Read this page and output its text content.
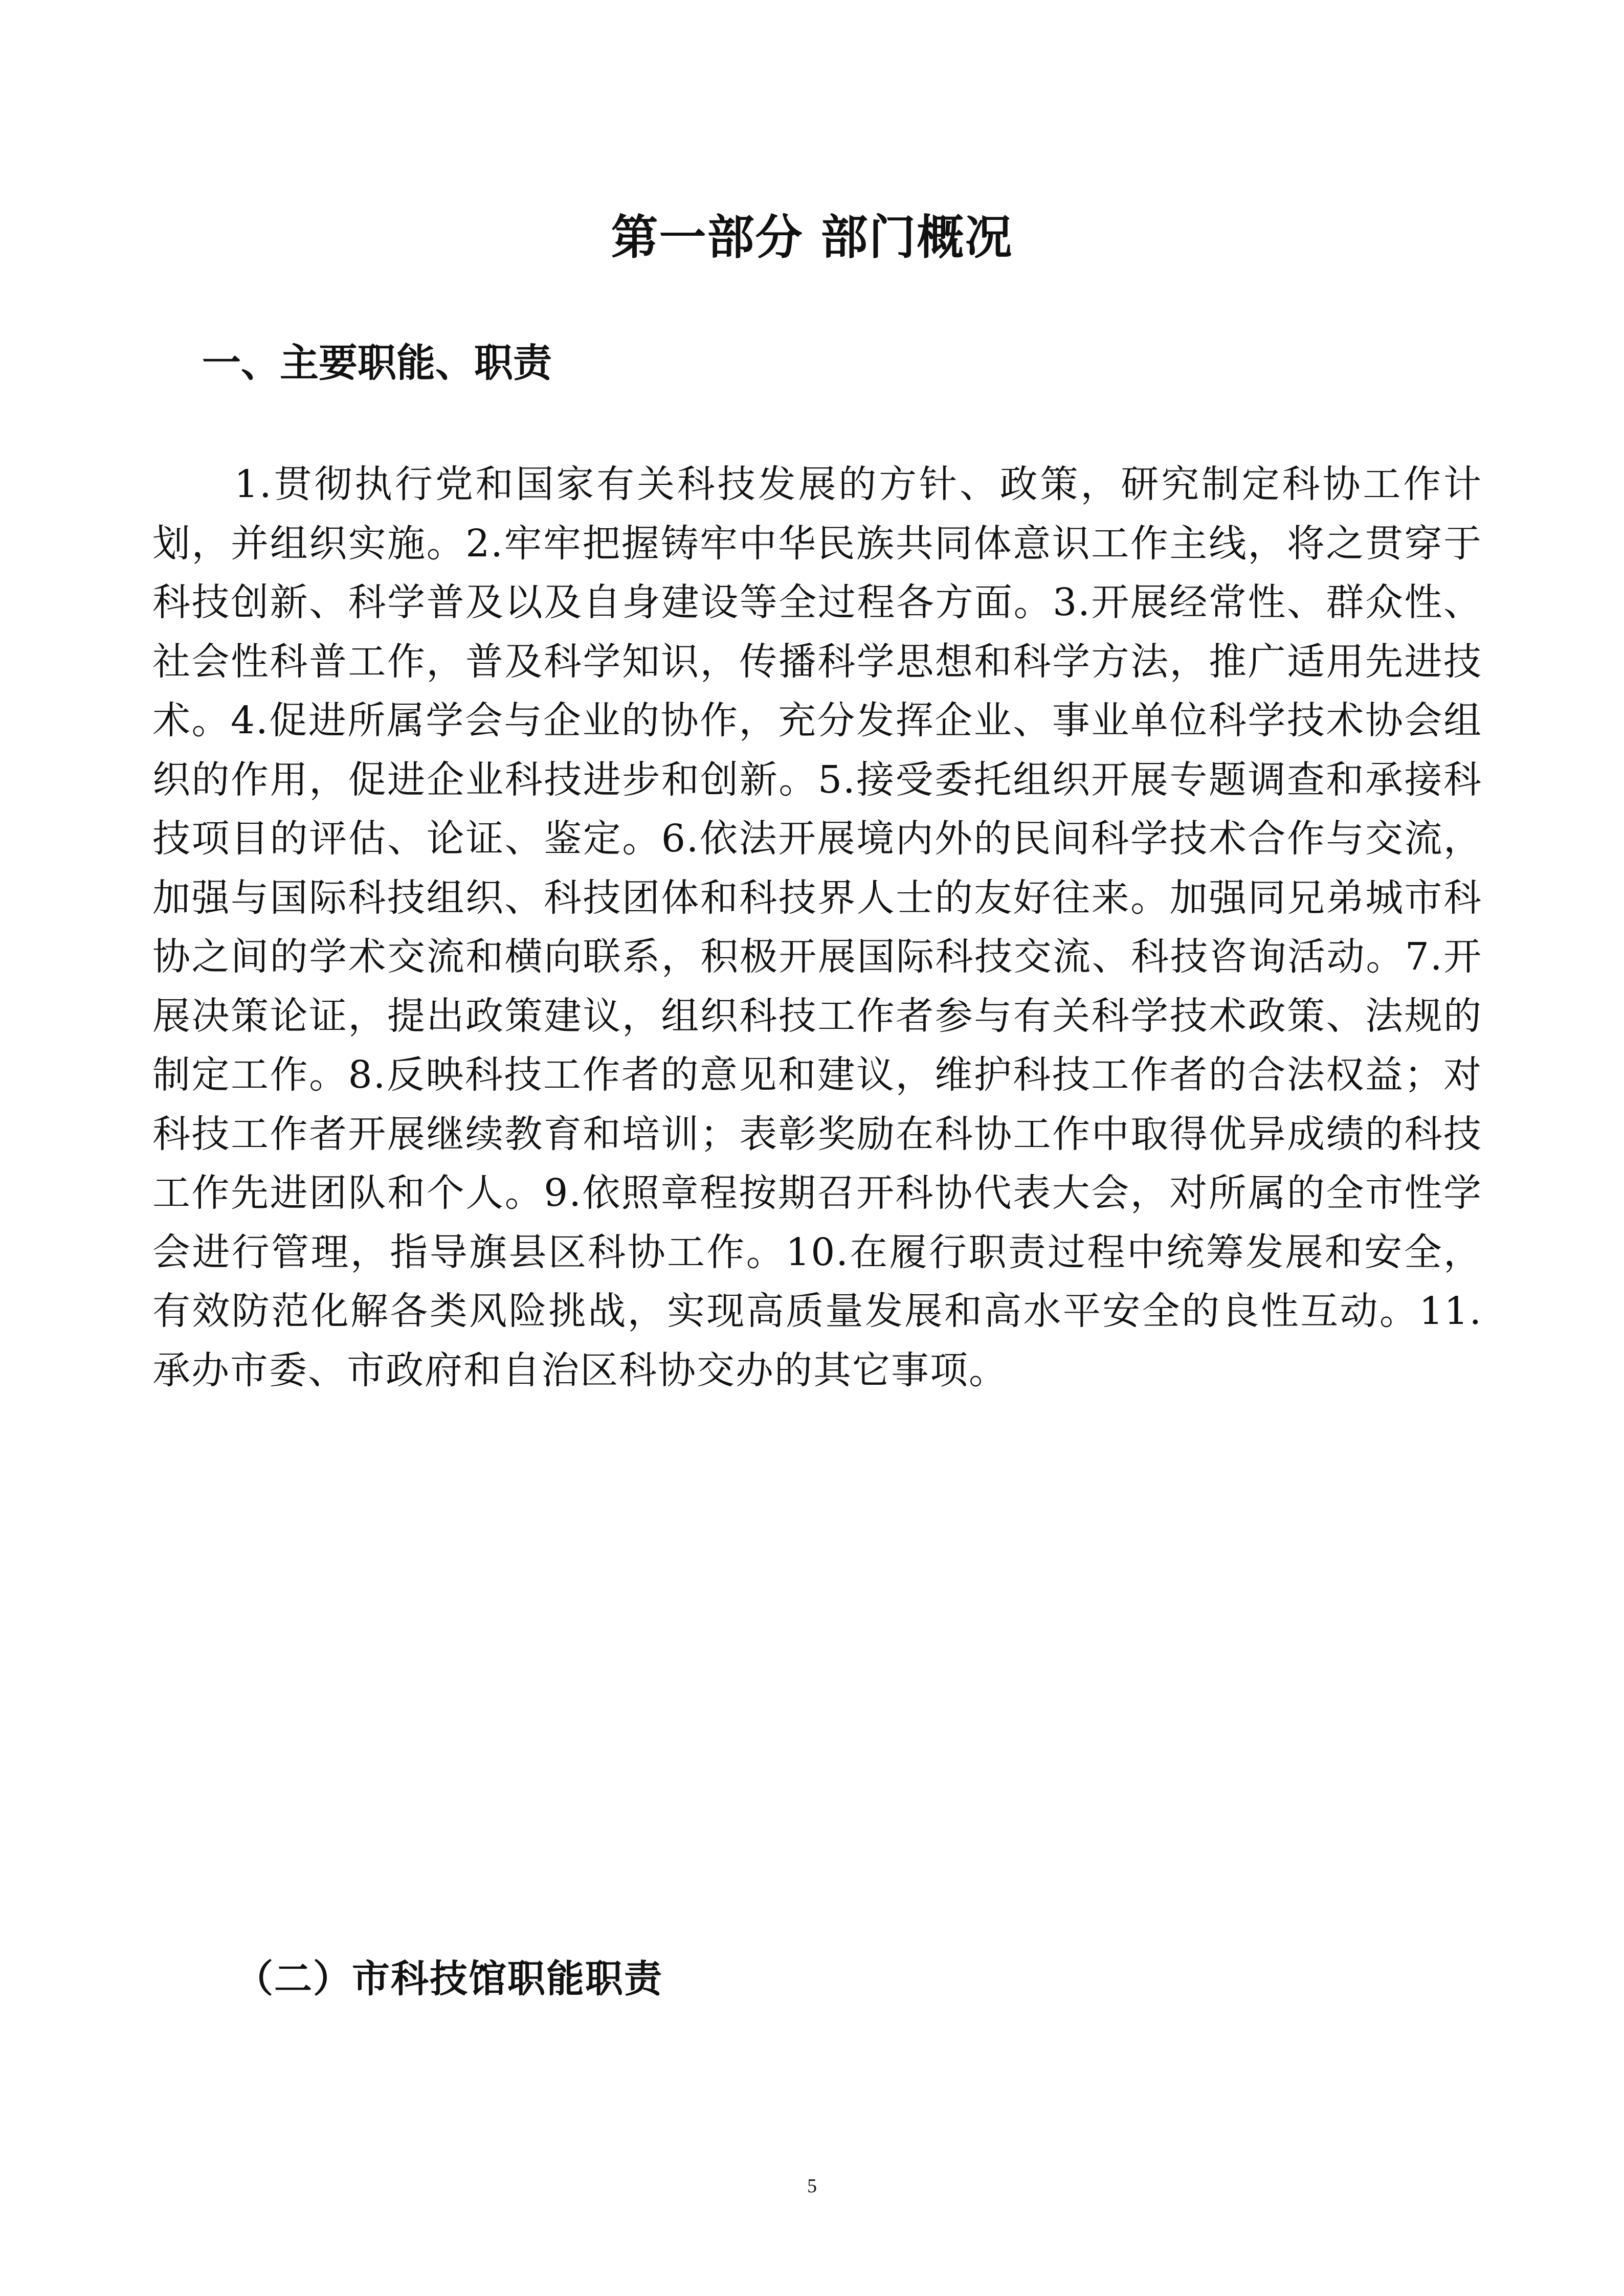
第一部分 部门概况
一、主要职能、职责

1.贯彻执行党和国家有关科技发展的方针、政策，研究制定科协工作计划，并组织实施。2.牢牢把握铸牢中华民族共同体意识工作主线，将之贯穿于科技创新、科学普及以及自身建设等全过程各方面。3.开展经常性、群众性、社会性科普工作，普及科学知识，传播科学思想和科学方法，推广适用先进技术。4.促进所属学会与企业的协作，充分发挥企业、事业单位科学技术协会组织的作用，促进企业科技进步和创新。5.接受委托组织开展专题调查和承接科技项目的评估、论证、鉴定。6.依法开展境内外的民间科学技术合作与交流，加强与国际科技组织、科技团体和科技界人士的友好往来。加强同兄弟城市科协之间的学术交流和横向联系，积极开展国际科技交流、科技咨询活动。7.开展决策论证，提出政策建议，组织科技工作者参与有关科学技术政策、法规的制定工作。8.反映科技工作者的意见和建议，维护科技工作者的合法权益；对科技工作者开展继续教育和培训；表彰奖励在科协工作中取得优异成绩的科技工作先进团队和个人。9.依照章程按期召开科协代表大会，对所属的全市性学会进行管理，指导旗县区科协工作。10.在履行职责过程中统筹发展和安全，有效防范化解各类风险挑战，实现高质量发展和高水平安全的良性互动。11.承办市委、市政府和自治区科协交办的其它事项。

（二）市科技馆职能职责
5
